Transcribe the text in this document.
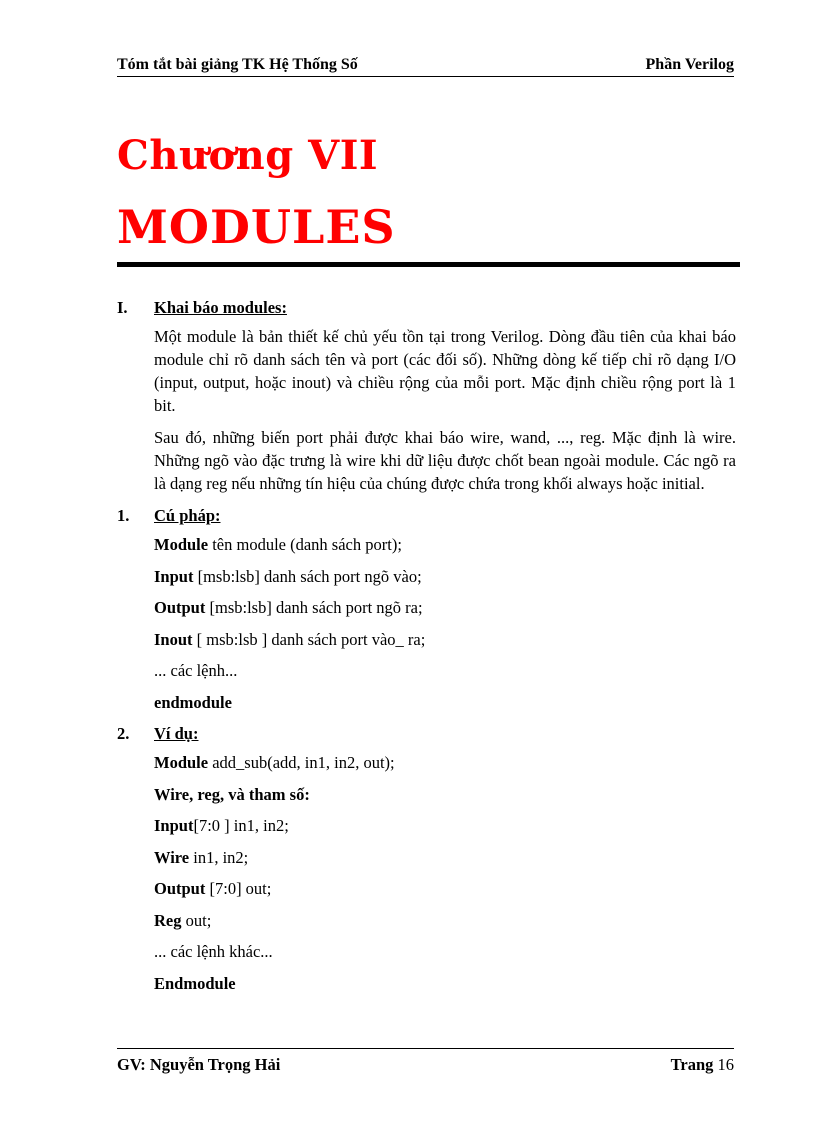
Tóm tắt bài giảng TK Hệ Thống Số	Phần Verilog
Chương VII
MODULES
I.	Khai báo modules:
Một module là bản thiết kế chủ yếu tồn tại trong Verilog. Dòng đầu tiên của khai báo module chỉ rõ danh sách tên và port (các đối số). Những dòng kế tiếp chỉ rõ dạng I/O (input, output, hoặc inout) và chiều rộng của mỗi port. Mặc định chiều rộng port là 1 bit.
Sau đó, những biến port phải được khai báo wire, wand, ..., reg. Mặc định là wire. Những ngõ vào đặc trưng là wire khi dữ liệu được chốt bean ngoài module. Các ngõ ra là dạng reg nếu những tín hiệu của chúng được chứa trong khối always hoặc initial.
1.	Cú pháp:
Module tên module (danh sách port);
Input [msb:lsb] danh sách port ngõ vào;
Output [msb:lsb] danh sách port ngõ ra;
Inout [ msb:lsb ] danh sách port vào_ ra;
... các lệnh...
endmodule
2.	Ví dụ:
Module add_sub(add, in1, in2, out);
Wire, reg, và tham số:
Input[7:0 ] in1, in2;
Wire in1, in2;
Output [7:0] out;
Reg out;
... các lệnh khác...
Endmodule
GV: Nguyễn Trọng Hải	Trang 16
